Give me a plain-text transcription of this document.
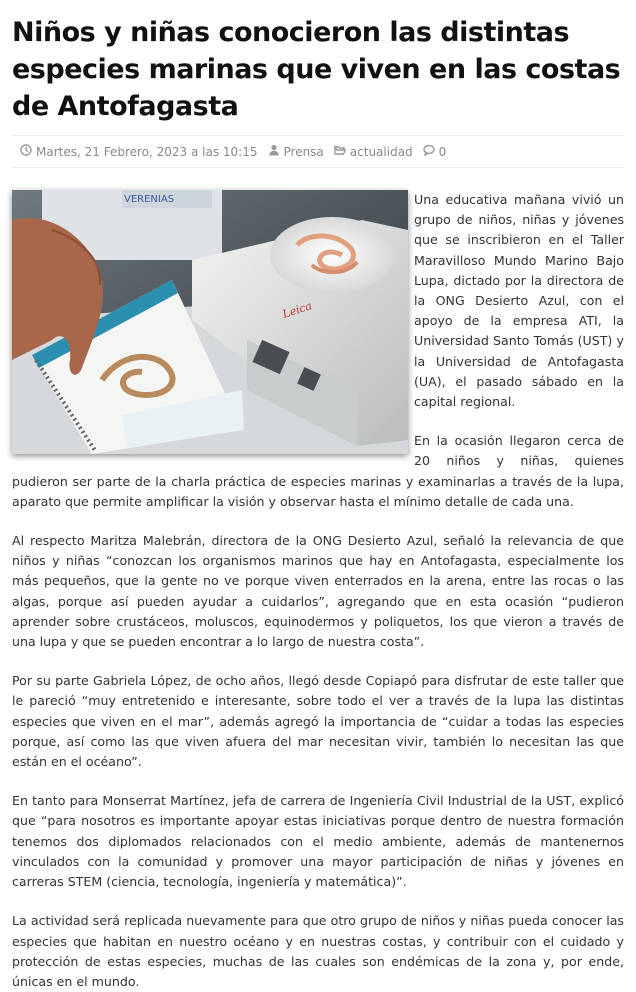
Niños y niñas conocieron las distintas especies marinas que viven en las costas de Antofagasta
Martes, 21 Febrero, 2023 a las 10:15 Prensa actualidad 0
VERENIAS
Leica

Una educativa mañana vivió un grupo de niños, niñas y jóvenes que se inscribieron en el Taller Maravilloso Mundo Marino Bajo Lupa, dictado por la directora de la ONG Desierto Azul, con el apoyo de la empresa ATI, la Universidad Santo Tomás (UST) y la Universidad de Antofagasta (UA), el pasado sábado en la capital regional.

En la ocasión llegaron cerca de 20 niños y niñas, quienes pudieron ser parte de la charla práctica de especies marinas y examinarlas a través de la lupa, aparato que permite amplificar la visión y observar hasta el mínimo detalle de cada una.

Al respecto Maritza Malebrán, directora de la ONG Desierto Azul, señaló la relevancia de que niños y niñas “conozcan los organismos marinos que hay en Antofagasta, especialmente los más pequeños, que la gente no ve porque viven enterrados en la arena, entre las rocas o las algas, porque así pueden ayudar a cuidarlos”, agregando que en esta ocasión “pudieron aprender sobre crustáceos, moluscos, equinodermos y poliquetos, los que vieron a través de una lupa y que se pueden encontrar a lo largo de nuestra costa”.

Por su parte Gabriela López, de ocho años, llegó desde Copiapó para disfrutar de este taller que le pareció “muy entretenido e interesante, sobre todo el ver a través de la lupa las distintas especies que viven en el mar”, además agregó la importancia de “cuidar a todas las especies porque, así como las que viven afuera del mar necesitan vivir, también lo necesitan las que están en el océano”.

En tanto para Monserrat Martínez, jefa de carrera de Ingeniería Civil Industrial de la UST, explicó que “para nosotros es importante apoyar estas iniciativas porque dentro de nuestra formación tenemos dos diplomados relacionados con el medio ambiente, además de mantenernos vinculados con la comunidad y promover una mayor participación de niñas y jóvenes en carreras STEM (ciencia, tecnología, ingeniería y matemática)”.

La actividad será replicada nuevamente para que otro grupo de niños y niñas pueda conocer las especies que habitan en nuestro océano y en nuestras costas, y contribuir con el cuidado y protección de estas especies, muchas de las cuales son endémicas de la zona y, por ende, únicas en el mundo.
